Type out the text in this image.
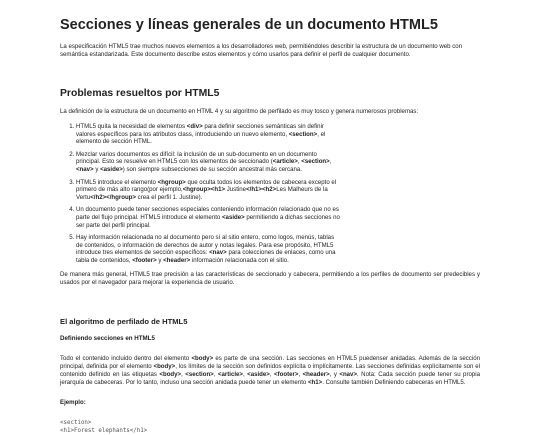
Secciones y líneas generales de un documento HTML5

La especificación HTML5 trae muchos nuevos elementos a los desarrolladores web, permitiéndoles describir la estructura de un documento web con semántica estandarizada. Este documento describe estos elementos y cómo usarlos para definir el perfil de cualquier documento.

Problemas resueltos por HTML5

La definición de la estructura de un documento en HTML 4 y su algoritmo de perfilado es muy tosco y genera numerosos problemas:

1. HTML5 quita la necesidad de elementos <div> para definir secciones semánticas sin definir valores específicos para los atributos class, introduciendo un nuevo elemento, <section>, el elemento de sección HTML.
2. Mezclar varios documentos es difícil: la inclusión de un sub-documento en un documento principal. Esto se resuelve en HTML5 con los elementos de seccionado (<article>, <section>, <nav> y <aside>) son siempre subsecciones de su sección ancestral más cercana.
3. HTML5 introduce el elemento <hgroup> que oculta todos los elementos de cabecera excepto el primero de más alto rango(por ejemplo,<hgroup><h1> Justine</h1><h2>Les Malheurs de la Vertu</h2></hgroup> crea el perfil 1. Justine).
4. Un documento puede tener secciones especiales conteniendo información relacionado que no es parte del flujo principal. HTML5 introduce el elemento <aside> permitiendo a dichas secciones no ser parte del perfil principal.
5. Hay información relacionada no al documento pero sí al sitio entero, como logos, menús, tablas de contenidos, o información de derechos de autor y notas legales. Para ese propósito, HTML5 introduce tres elementos de sección específicos: <nav> para colecciones de enlaces, como una tabla de contenidos, <footer> y <header> información relacionada con el sitio.

De manera más general, HTML5 trae precisión a las características de seccionado y cabecera, permitiendo a los perfiles de documento ser predecibles y usados por el navegador para mejorar la experiencia de usuario.

El algoritmo de perfilado de HTML5
Definiendo secciones en HTML5

Todo el contenido incluido dentro del elemento <body> es parte de una sección. Las secciones en HTML5 puedenser anidadas. Además de la sección principal, definida por el elemento <body>, los límites de la sección son definidos explícita o implícitamente. Las secciones definidas explícitamente son el contenido definido en las etiquetas <body>, <section>, <article>, <aside>, <footer>, <header>, y <nav>. Nota: Cada sección puede tener su propia jerarquía de cabeceras. Por lo tanto, incluso una sección anidada puede tener un elemento <h1>. Consulte también Definiendo cabeceras en HTML5.

Ejemplo:

<section>
<h1>Forest elephants</h1>
